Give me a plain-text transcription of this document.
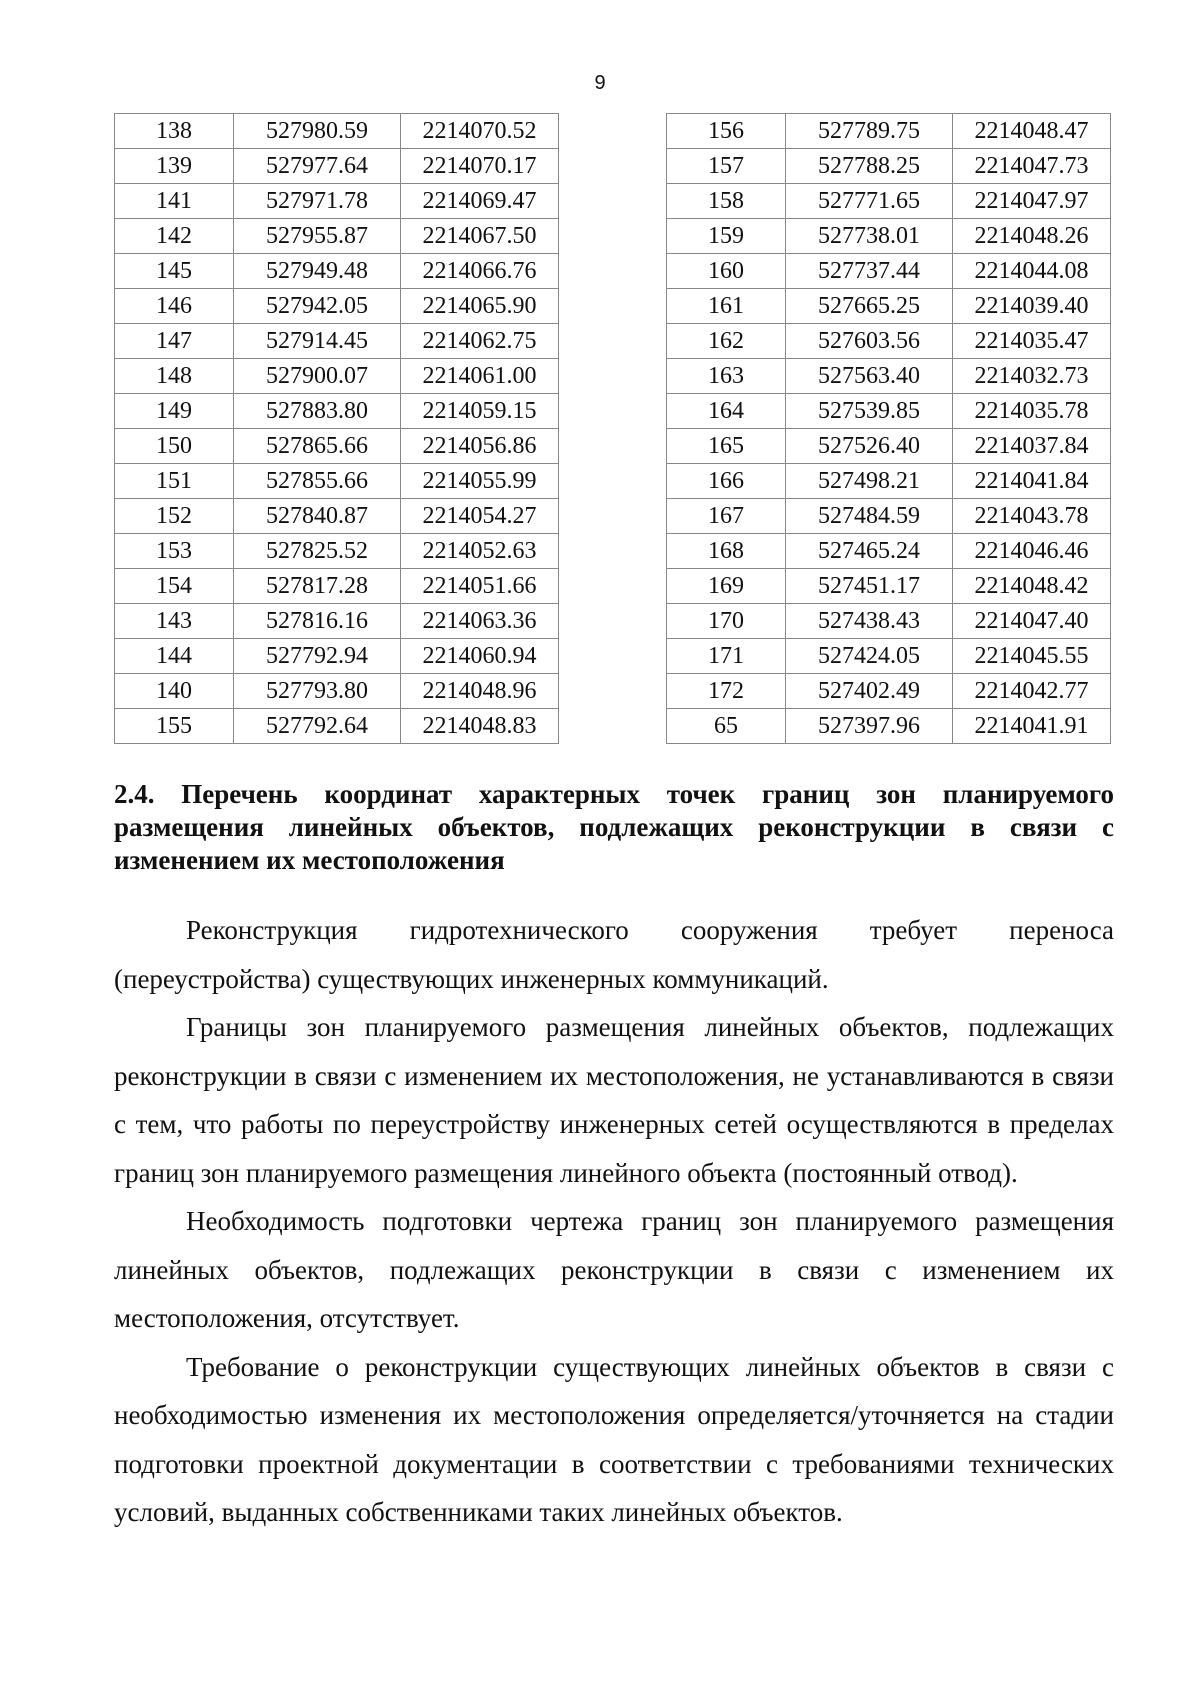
9
138	527980.59	2214070.52
139	527977.64	2214070.17
141	527971.78	2214069.47
142	527955.87	2214067.50
145	527949.48	2214066.76
146	527942.05	2214065.90
147	527914.45	2214062.75
148	527900.07	2214061.00
149	527883.80	2214059.15
150	527865.66	2214056.86
151	527855.66	2214055.99
152	527840.87	2214054.27
153	527825.52	2214052.63
154	527817.28	2214051.66
143	527816.16	2214063.36
144	527792.94	2214060.94
140	527793.80	2214048.96
155	527792.64	2214048.83
156	527789.75	2214048.47
157	527788.25	2214047.73
158	527771.65	2214047.97
159	527738.01	2214048.26
160	527737.44	2214044.08
161	527665.25	2214039.40
162	527603.56	2214035.47
163	527563.40	2214032.73
164	527539.85	2214035.78
165	527526.40	2214037.84
166	527498.21	2214041.84
167	527484.59	2214043.78
168	527465.24	2214046.46
169	527451.17	2214048.42
170	527438.43	2214047.40
171	527424.05	2214045.55
172	527402.49	2214042.77
65	527397.96	2214041.91
2.4. Перечень координат характерных точек границ зон планируемого размещения линейных объектов, подлежащих реконструкции в связи с изменением их местоположения

Реконструкция гидротехнического сооружения требует переноса (переустройства) существующих инженерных коммуникаций.

Границы зон планируемого размещения линейных объектов, подлежащих реконструкции в связи с изменением их местоположения, не устанавливаются в связи с тем, что работы по переустройству инженерных сетей осуществляются в пределах границ зон планируемого размещения линейного объекта (постоянный отвод).

Необходимость подготовки чертежа границ зон планируемого размещения линейных объектов, подлежащих реконструкции в связи с изменением их местоположения, отсутствует.

Требование о реконструкции существующих линейных объектов в связи с необходимостью изменения их местоположения определяется/уточняется на стадии подготовки проектной документации в соответствии с требованиями технических условий, выданных собственниками таких линейных объектов.
